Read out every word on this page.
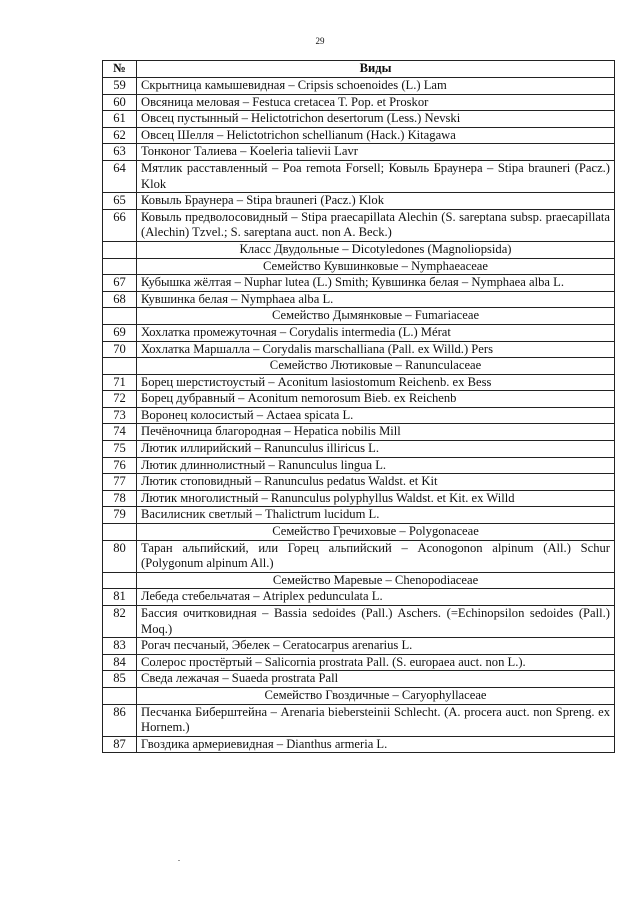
29
№	Виды
59	Скрытница камышевидная – Cripsis schoenoides (L.) Lam
60	Овсяница меловая – Festuca cretacea T. Pop. et Proskor
61	Овсец пустынный – Helictotrichon desertorum (Less.) Nevski
62	Овсец Шелля – Helictotrichon schellianum (Hack.) Kitagawa
63	Тонконог Талиева – Koeleria talievii Lavr
64	Мятлик расставленный – Poa remota Forsell; Ковыль Браунера – Stipa brauneri (Pacz.) Klok
65	Ковыль Браунера – Stipa brauneri (Pacz.) Klok
66	Ковыль предволосовидный – Stipa praecapillata Alechin (S. sareptana subsp. praecapillata (Alechin) Tzvel.; S. sareptana auct. non A. Beck.)
	Класс Двудольные – Dicotyledones (Magnoliopsida)
	Семейство Кувшинковые – Nymphaeaceae
67	Кубышка жёлтая – Nuphar lutea (L.) Smith; Кувшинка белая – Nymphaea alba L.
68	Кувшинка белая – Nymphaea alba L.
	Семейство Дымянковые – Fumariaceae
69	Хохлатка промежуточная – Corydalis intermedia (L.) Mérat
70	Хохлатка Маршалла – Corydalis marschalliana (Pall. ex Willd.) Pers
	Семейство Лютиковые – Ranunculaceae
71	Борец шерстистоустый – Aconitum lasiostomum Reichenb. ex Bess
72	Борец дубравный – Aconitum nemorosum Bieb. ex Reichenb
73	Воронец колосистый – Actaea spicata L.
74	Печёночница благородная – Hepatica nobilis Mill
75	Лютик иллирийский – Ranunculus illiricus L.
76	Лютик длиннолистный – Ranunculus lingua L.
77	Лютик стоповидный – Ranunculus pedatus Waldst. et Kit
78	Лютик многолистный – Ranunculus polyphyllus Waldst. et Kit. ex Willd
79	Василисник светлый – Thalictrum lucidum L.
	Семейство Гречиховые – Polygonaceae
80	Таран альпийский, или Горец альпийский – Aconogonon alpinum (All.) Schur (Polygonum alpinum All.)
	Семейство Маревые – Chenopodiaceae
81	Лебеда стебельчатая – Atriplex pedunculata L.
82	Бассия очитковидная – Bassia sedoides (Pall.) Aschers. (=Echinopsilon sedoides (Pall.) Moq.)
83	Рогач песчаный, Эбелек – Ceratocarpus arenarius L.
84	Солерос простёртый – Salicornia prostrata Pall. (S. europaea auct. non L.).
85	Сведа лежачая – Suaeda prostrata Pall
	Семейство Гвоздичные – Caryophyllaceae
86	Песчанка Биберштейна – Arenaria biebersteinii Schlecht. (A. procera auct. non Spreng. ex Hornem.)
87	Гвоздика армериевидная – Dianthus armeria L.
